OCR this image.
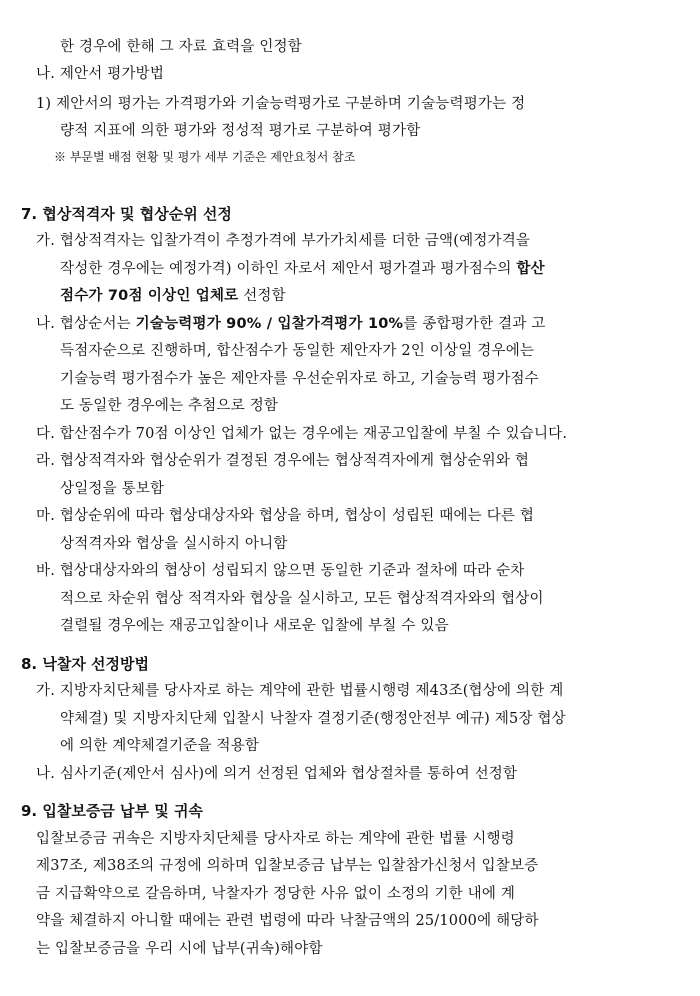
한 경우에 한해 그 자료 효력을 인정함
나. 제안서 평가방법
1) 제안서의 평가는 가격평가와 기술능력평가로 구분하며 기술능력평가는 정
량적 지표에 의한 평가와 정성적 평가로 구분하여 평가함
※ 부문별 배점 현황 및 평가 세부 기준은 제안요청서 참조
7. 협상적격자 및 협상순위 선정
가. 협상적격자는 입찰가격이 추정가격에 부가가치세를 더한 금액(예정가격을
작성한 경우에는 예정가격) 이하인 자로서 제안서 평가결과 평가점수의 합산
점수가 70점 이상인 업체로 선정함
나. 협상순서는 기술능력평가 90% / 입찰가격평가 10%를 종합평가한 결과 고
득점자순으로 진행하며, 합산점수가 동일한 제안자가 2인 이상일 경우에는
기술능력 평가점수가 높은 제안자를 우선순위자로 하고, 기술능력 평가점수
도 동일한 경우에는 추첨으로 정함
다. 합산점수가 70점 이상인 업체가 없는 경우에는 재공고입찰에 부칠 수 있습니다.
라. 협상적격자와 협상순위가 결정된 경우에는 협상적격자에게 협상순위와 협
상일정을 통보함
마. 협상순위에 따라 협상대상자와 협상을 하며, 협상이 성립된 때에는 다른 협
상적격자와 협상을 실시하지 아니함
바. 협상대상자와의 협상이 성립되지 않으면 동일한 기준과 절차에 따라 순차
적으로 차순위 협상 적격자와 협상을 실시하고, 모든 협상적격자와의 협상이
결렬될 경우에는 재공고입찰이나 새로운 입찰에 부칠 수 있음
8. 낙찰자 선정방법
가. 지방자치단체를 당사자로 하는 계약에 관한 법률시행령 제43조(협상에 의한 계
약체결) 및 지방자치단체 입찰시 낙찰자 결정기준(행정안전부 예규) 제5장 협상
에 의한 계약체결기준을 적용함
나. 심사기준(제안서 심사)에 의거 선정된 업체와 협상절차를 통하여 선정함
9. 입찰보증금 납부 및 귀속
입찰보증금 귀속은 지방자치단체를 당사자로 하는 계약에 관한 법률 시행령
제37조, 제38조의 규정에 의하며 입찰보증금 납부는 입찰참가신청서 입찰보증
금 지급확약으로 갈음하며, 낙찰자가 정당한 사유 없이 소정의 기한 내에 계
약을 체결하지 아니할 때에는 관련 법령에 따라 낙찰금액의 25/1000에 해당하
는 입찰보증금을 우리 시에 납부(귀속)해야함
